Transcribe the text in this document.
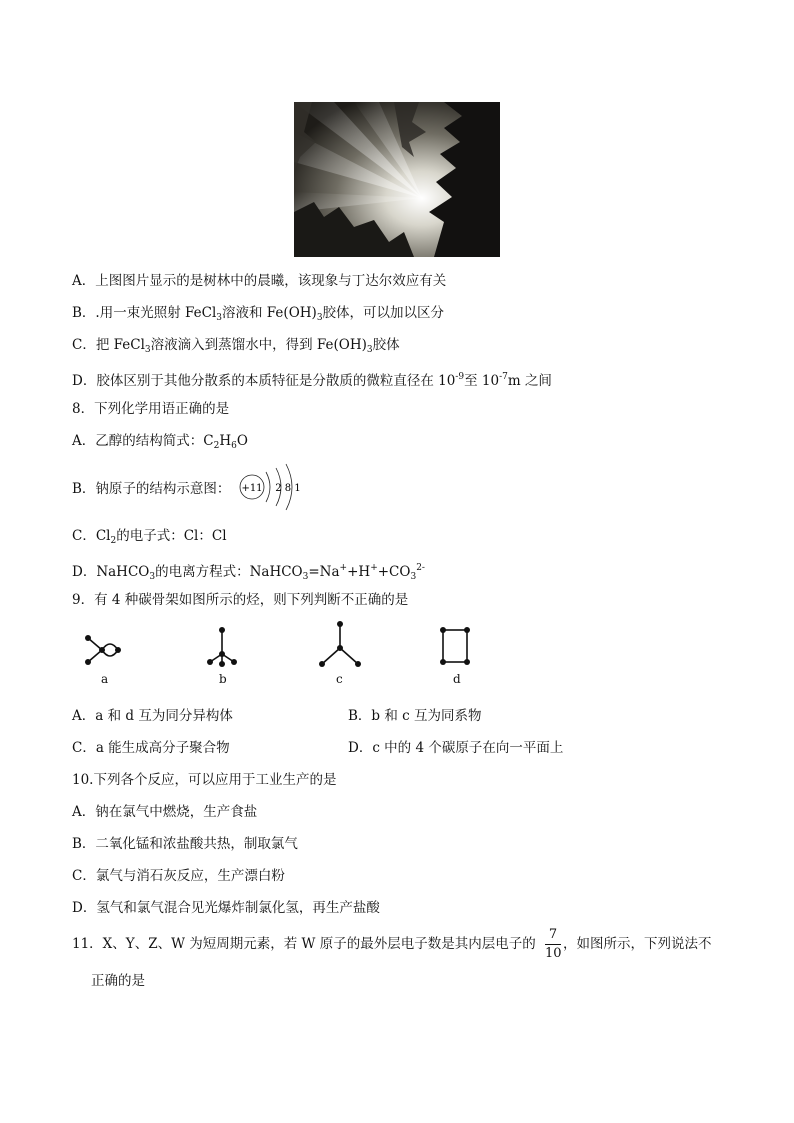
A．上图图片显示的是树林中的晨曦，该现象与丁达尔效应有关
B．.用一束光照射 FeCl$_3$溶液和 $Fe(OH)_3$胶体，可以加以区分
C．把 FeCl$_3$溶液滴入到蒸馏水中，得到 $Fe(OH)_3$胶体
D．胶体区别于其他分散系的本质特征是分散质的微粒直径在 $10^{-9}$至 $10^{-7}m$ 之间
8．下列化学用语正确的是
A．乙醇的结构简式：$C_2H_6O$
B．钠原子的结构示意图： +11 2 8 1
C．$Cl_2$的电子式：Cl：Cl
D．NaHCO$_3$的电离方程式：$NaHCO_3=Na^++H^++CO_3^{2-}$
9．有 4 种碳骨架如图所示的烃，则下列判断不正确的是
a	b	c	d
A．a 和 d 互为同分异构体	B．b 和 c 互为同系物
C．a 能生成高分子聚合物	D．c 中的 4 个碳原子在向一平面上
10.下列各个反应，可以应用于工业生产的是
A．钠在氯气中燃烧，生产食盐
B．二氧化锰和浓盐酸共热，制取氯气
C．氯气与消石灰反应，生产漂白粉
D．氢气和氯气混合见光爆炸制氯化氢，再生产盐酸
11．X、Y、Z、W 为短周期元素，若 W 原子的最外层电子数是其内层电子的
7
10
，如图所示，下列说法不
正确的是
